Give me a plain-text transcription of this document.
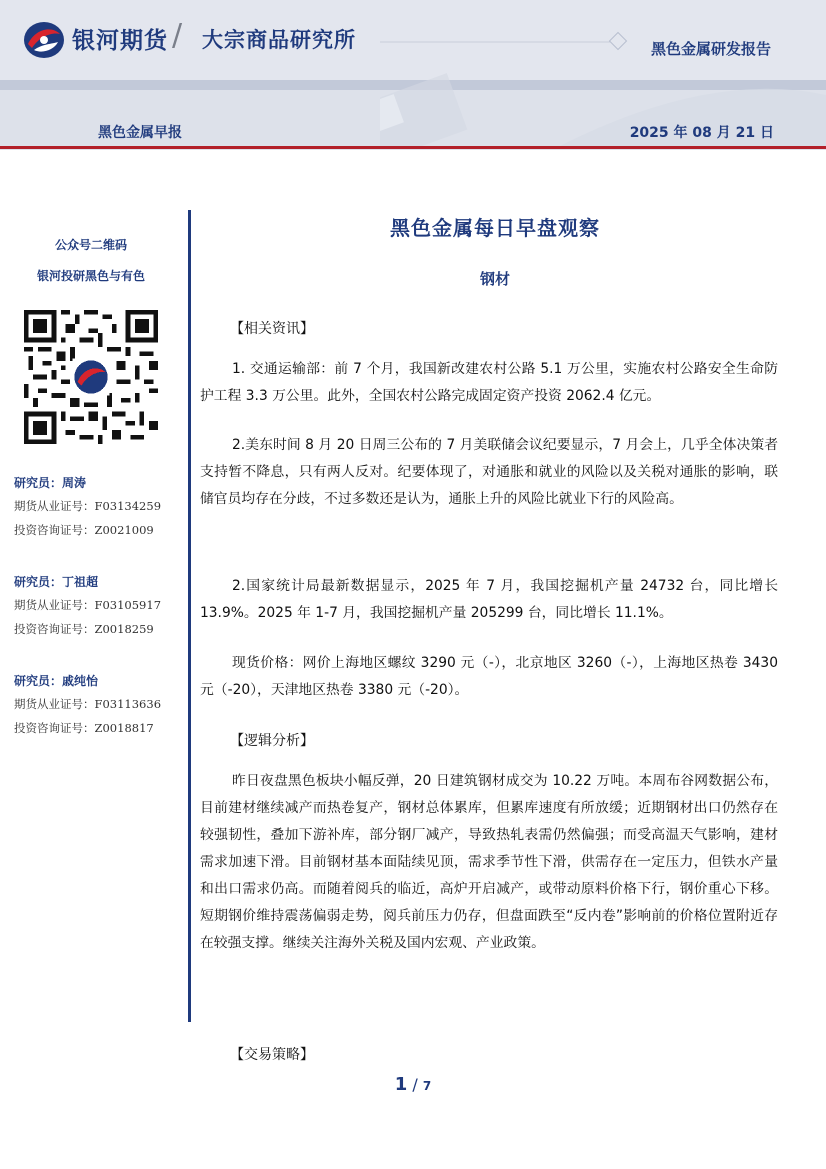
银河期货 / 大宗商品研究所	黑色金属研发报告
黑色金属早报	2025 年 08 月 21 日
公众号二维码
银河投研黑色与有色
研究员：周涛
期货从业证号：F03134259
投资咨询证号：Z0021009
研究员：丁祖超
期货从业证号：F03105917
投资咨询证号：Z0018259
研究员：戚纯怡
期货从业证号：F03113636
投资咨询证号：Z0018817
黑色金属每日早盘观察
钢材
【相关资讯】
1. 交通运输部：前 7 个月，我国新改建农村公路 5.1 万公里，实施农村公路安全生命防护工程 3.3 万公里。此外，全国农村公路完成固定资产投资 2062.4 亿元。
2.美东时间 8 月 20 日周三公布的 7 月美联储会议纪要显示，7 月会上，几乎全体决策者支持暂不降息，只有两人反对。纪要体现了，对通胀和就业的风险以及关税对通胀的影响，联储官员均存在分歧，不过多数还是认为，通胀上升的风险比就业下行的风险高。
2.国家统计局最新数据显示，2025 年 7 月，我国挖掘机产量 24732 台，同比增长 13.9%。2025 年 1-7 月，我国挖掘机产量 205299 台，同比增长 11.1%。
现货价格：网价上海地区螺纹 3290 元（-），北京地区 3260（-），上海地区热卷 3430 元（-20），天津地区热卷 3380 元（-20）。
【逻辑分析】
昨日夜盘黑色板块小幅反弹，20 日建筑钢材成交为 10.22 万吨。本周布谷网数据公布，目前建材继续减产而热卷复产，钢材总体累库，但累库速度有所放缓；近期钢材出口仍然存在较强韧性，叠加下游补库，部分钢厂减产，导致热轧表需仍然偏强；而受高温天气影响，建材需求加速下滑。目前钢材基本面陆续见顶，需求季节性下滑，供需存在一定压力，但铁水产量和出口需求仍高。而随着阅兵的临近，高炉开启减产，或带动原料价格下行，钢价重心下移。短期钢价维持震荡偏弱走势，阅兵前压力仍存，但盘面跌至“反内卷”影响前的价格位置附近存在较强支撑。继续关注海外关税及国内宏观、产业政策。
【交易策略】
1 / 7
